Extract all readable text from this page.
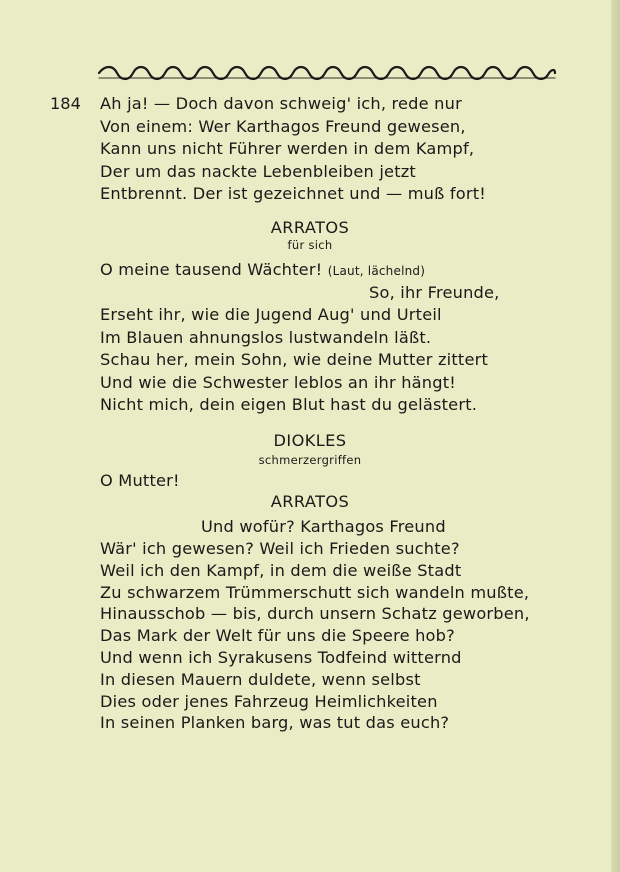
184 Ah ja! — Doch davon schweig' ich, rede nur
Von einem: Wer Karthagos Freund gewesen,
Kann uns nicht Führer werden in dem Kampf,
Der um das nackte Lebenbleiben jetzt
Entbrennt. Der ist gezeichnet und — muß fort!
ARRATOS
für sich
O meine tausend Wächter! (Laut, lächelnd)
So, ihr Freunde,
Erseht ihr, wie die Jugend Aug' und Urteil
Im Blauen ahnungslos lustwandeln läßt.
Schau her, mein Sohn, wie deine Mutter zittert
Und wie die Schwester leblos an ihr hängt!
Nicht mich, dein eigen Blut hast du gelästert.
DIOKLES
schmerzergriffen
O Mutter!
ARRATOS
Und wofür? Karthagos Freund
Wär' ich gewesen? Weil ich Frieden suchte?
Weil ich den Kampf, in dem die weiße Stadt
Zu schwarzem Trümmerschutt sich wandeln mußte,
Hinausschob — bis, durch unsern Schatz geworben,
Das Mark der Welt für uns die Speere hob?
Und wenn ich Syrakusens Todfeind witternd
In diesen Mauern duldete, wenn selbst
Dies oder jenes Fahrzeug Heimlichkeiten
In seinen Planken barg, was tut das euch?
